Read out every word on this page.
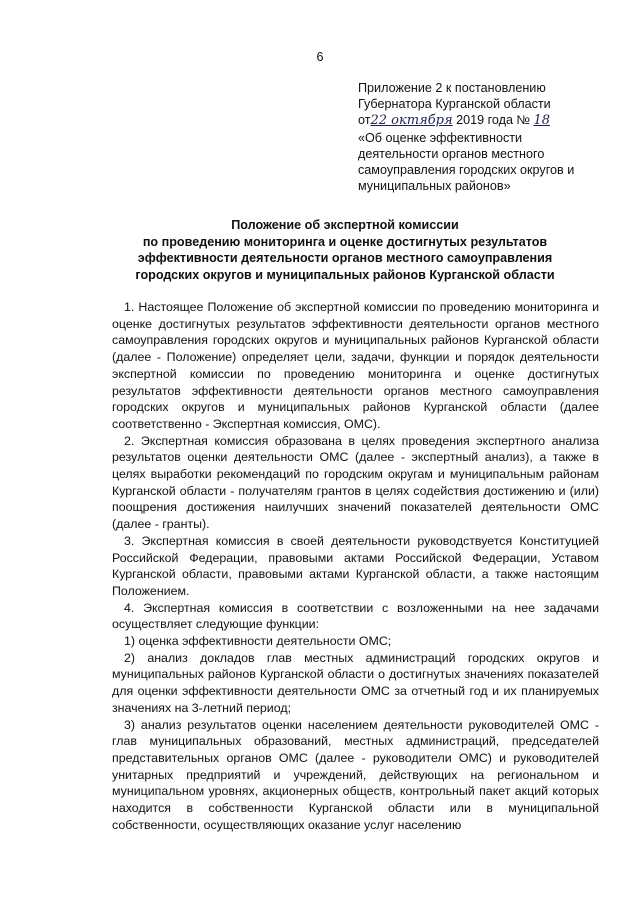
6
Приложение 2 к постановлению
Губернатора Курганской области
от22 октября 2019 года № 18
«Об оценке эффективности
деятельности органов местного
самоуправления городских округов и
муниципальных районов»
Положение об экспертной комиссии
по проведению мониторинга и оценке достигнутых результатов
эффективности деятельности органов местного самоуправления
городских округов и муниципальных районов Курганской области

1. Настоящее Положение об экспертной комиссии по проведению мониторинга и оценке достигнутых результатов эффективности деятельности органов местного самоуправления городских округов и муниципальных районов Курганской области (далее - Положение) определяет цели, задачи, функции и порядок деятельности экспертной комиссии по проведению мониторинга и оценке достигнутых результатов эффективности деятельности органов местного самоуправления городских округов и муниципальных районов Курганской области (далее соответственно - Экспертная комиссия, ОМС).

2. Экспертная комиссия образована в целях проведения экспертного анализа результатов оценки деятельности ОМС (далее - экспертный анализ), а также в целях выработки рекомендаций по городским округам и муниципальным районам Курганской области - получателям грантов в целях содействия достижению и (или) поощрения достижения наилучших значений показателей деятельности ОМС (далее - гранты).

3. Экспертная комиссия в своей деятельности руководствуется Конституцией Российской Федерации, правовыми актами Российской Федерации, Уставом Курганской области, правовыми актами Курганской области, а также настоящим Положением.

4. Экспертная комиссия в соответствии с возложенными на нее задачами осуществляет следующие функции:

1) оценка эффективности деятельности ОМС;

2) анализ докладов глав местных администраций городских округов и муниципальных районов Курганской области о достигнутых значениях показателей для оценки эффективности деятельности ОМС за отчетный год и их планируемых значениях на 3-летний период;

3) анализ результатов оценки населением деятельности руководителей ОМС - глав муниципальных образований, местных администраций, председателей представительных органов ОМС (далее - руководители ОМС) и руководителей унитарных предприятий и учреждений, действующих на региональном и муниципальном уровнях, акционерных обществ, контрольный пакет акций которых находится в собственности Курганской области или в муниципальной собственности, осуществляющих оказание услуг населению
